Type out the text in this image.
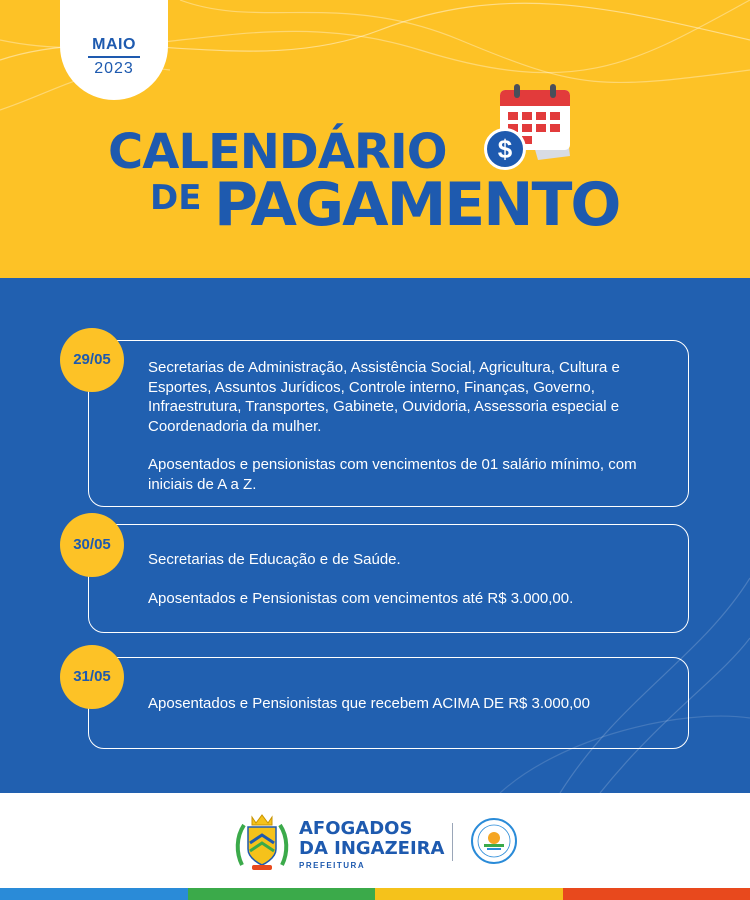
MAIO
2023
CALENDÁRIO
DE PAGAMENTO
$
29/05	Secretarias de Administração, Assistência Social, Agricultura, Cultura e

Esportes, Assuntos Jurídicos, Controle interno, Finanças, Governo,

Infraestrutura, Transportes, Gabinete, Ouvidoria, Assessoria especial e

Coordenadoria da mulher.

Aposentados e pensionistas com vencimentos de 01 salário mínimo, com

iniciais de A a Z.

30/05

Secretarias de Educação e de Saúde.

Aposentados e Pensionistas com vencimentos até R$ 3.000,00.

31/05

Aposentados e Pensionistas que recebem ACIMA DE R$ 3.000,00

AFOGADOS
DA INGAZEIRA
PREFEITURA
